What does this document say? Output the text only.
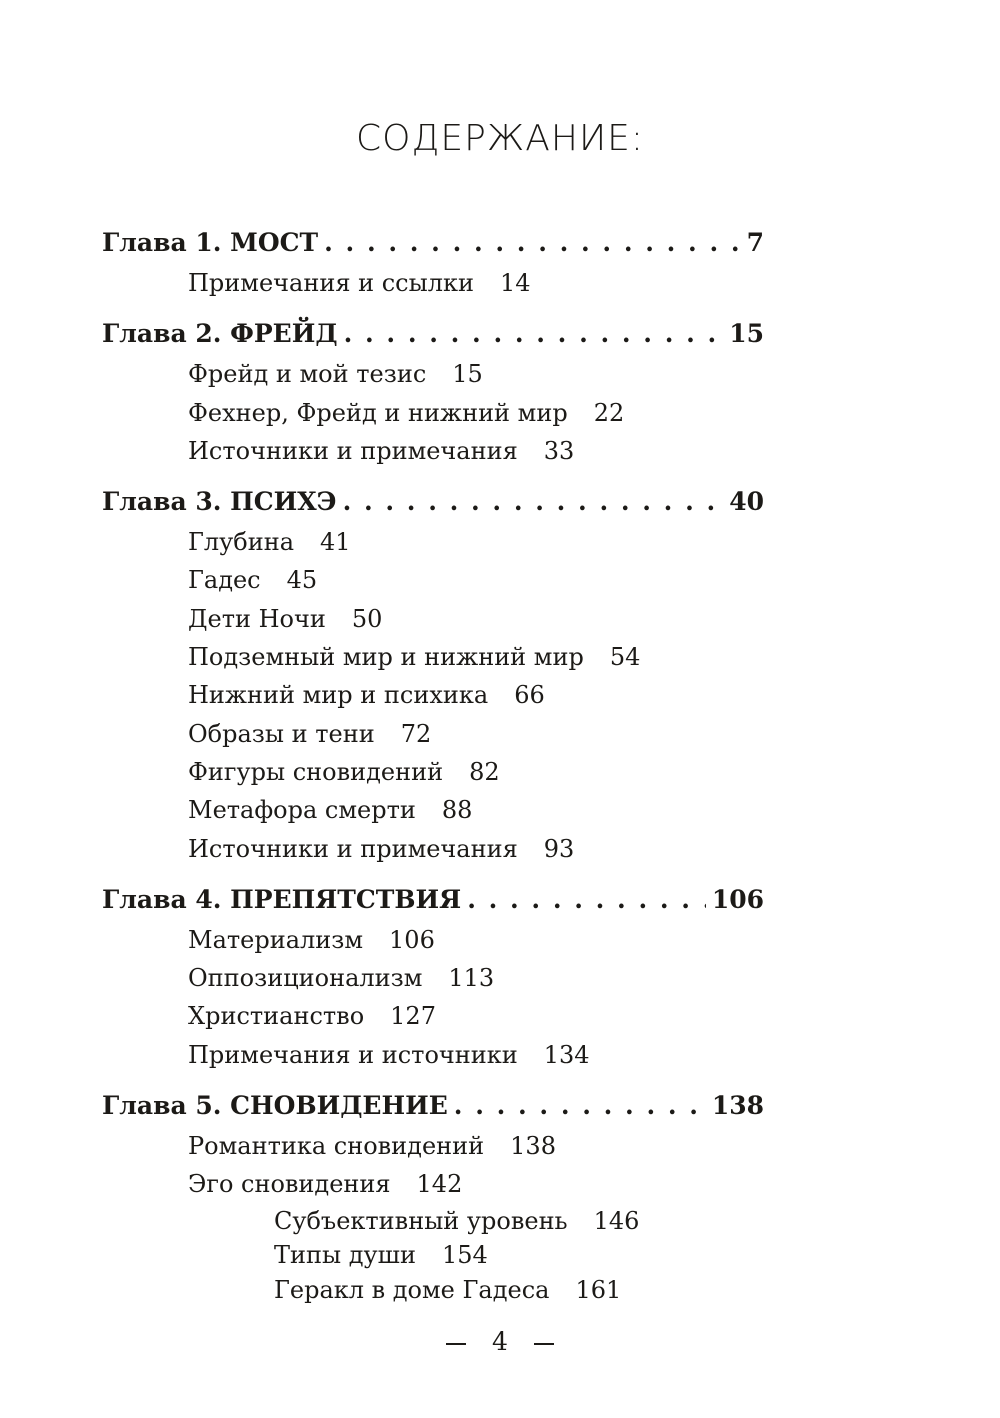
СОДЕРЖАНИЕ:
Глава 1. МОСТ . . .	7
Примечания и ссылки 14
Глава 2. ФРЕЙД . . .	15
Фрейд и мой тезис 15
Фехнер, Фрейд и нижний мир 22
Источники и примечания 33
Глава 3. ПСИХЭ . . .	40
Глубина 41
Гадес 45
Дети Ночи 50
Подземный мир и нижний мир 54
Нижний мир и психика 66
Образы и тени 72
Фигуры сновидений 82
Метафора смерти 88
Источники и примечания 93
Глава 4. ПРЕПЯТСТВИЯ . . .	106
Материализм 106
Оппозиционализм 113
Христианство 127
Примечания и источники 134
Глава 5. СНОВИДЕНИЕ . . .	138
Романтика сновидений 138
Эго сновидения 142
Субъективный уровень 146
Типы души 154
Геракл в доме Гадеса 161
4
